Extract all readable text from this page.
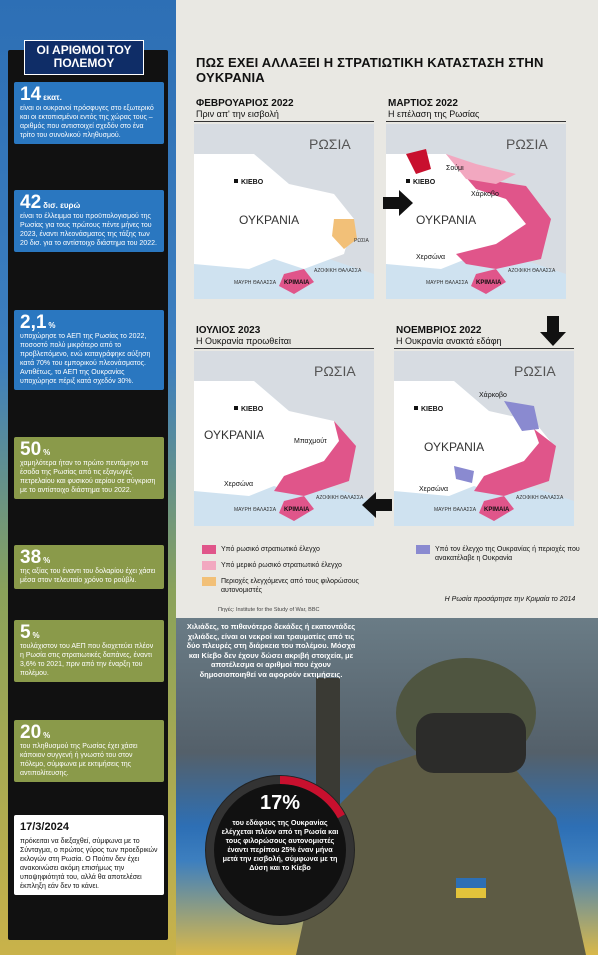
ΟΙ ΑΡΙΘΜΟΙ ΤΟΥ ΠΟΛΕΜΟΥ
14 εκατ.
είναι οι ουκρανοί πρόσφυγες στο εξωτερικό και οι εκτοπισμένοι εντός της χώρας τους – αριθμός που αντιστοιχεί σχεδόν στο ένα τρίτο του συνολικού πληθυσμού.
42 δισ. ευρώ
είναι το έλλειμμα του προϋπολογισμού της Ρωσίας για τους πρώτους πέντε μήνες του 2023, έναντι πλεονάσματος της τάξης των 20 δισ. για το αντίστοιχο διάστημα του 2022.
2,1 %
υποχώρησε το ΑΕΠ της Ρωσίας το 2022, ποσοστό πολύ μικρότερο από το προβλεπόμενο, ενώ καταγράφηκε αύξηση κατά 70% του εμπορικού πλεονάσματος. Αντιθέτως, το ΑΕΠ της Ουκρανίας υποχώρησε πέριξ κατά σχεδόν 30%.
50 %
χαμηλότερα ήταν το πρώτο πεντάμηνο τα έσοδα της Ρωσίας από τις εξαγωγές πετρελαίου και φυσικού αερίου σε σύγκριση με το αντίστοιχο διάστημα του 2022.
38 %
της αξίας του έναντι του δολαρίου έχει χάσει μέσα στον τελευταίο χρόνο το ρούβλι.
5 %
τουλάχιστον του ΑΕΠ που διοχετεύει πλέον η Ρωσία στις στρατιωτικές δαπάνες, έναντι 3,6% το 2021, πριν από την έναρξη του πολέμου.
20 %
του πληθυσμού της Ρωσίας έχει χάσει κάποιον συγγενή ή γνωστό του στον πόλεμο, σύμφωνα με εκτιμήσεις της αντιπολίτευσης.
17/3/2024
πρόκειται να διεξαχθεί, σύμφωνα με το Σύνταγμα, ο πρώτος γύρος των προεδρικών εκλογών στη Ρωσία. Ο Πούτιν δεν έχει ανακοινώσει ακόμη επισήμως την υποψηφιότητά του, αλλά θα αποτελέσει έκπληξη εάν δεν το κάνει.
ΠΩΣ ΕΧΕΙ ΑΛΛΑΞΕΙ Η ΣΤΡΑΤΙΩΤΙΚΗ ΚΑΤΑΣΤΑΣΗ ΣΤΗΝ ΟΥΚΡΑΝΙΑ
ΦΕΒΡΟΥΑΡΙΟΣ 2022
Πριν απ' την εισβολή
ΡΩΣΙΑ
ΚΙΕΒΟ
ΟΥΚΡΑΝΙΑ
ΡΩΣΙΑ
ΑΖΟΦΙΚΗ ΘΑΛΑΣΣΑ
ΜΑΥΡΗ ΘΑΛΑΣΣΑ ΚΡΙΜΑΙΑ
ΜΑΡΤΙΟΣ 2022
Η επέλαση της Ρωσίας
ΡΩΣΙΑ
Σούμι
ΚΙΕΒΟ
Χάρκοβο
ΟΥΚΡΑΝΙΑ
Χερσώνα
ΑΖΟΦΙΚΗ ΘΑΛΑΣΣΑ
ΜΑΥΡΗ ΘΑΛΑΣΣΑ ΚΡΙΜΑΙΑ
ΙΟΥΛΙΟΣ 2023
Η Ουκρανία προωθείται
ΡΩΣΙΑ
ΚΙΕΒΟ
ΟΥΚΡΑΝΙΑ	Μπαχμούτ
Χερσώνα
ΑΖΟΦΙΚΗ ΘΑΛΑΣΣΑ
ΜΑΥΡΗ ΘΑΛΑΣΣΑ ΚΡΙΜΑΙΑ
ΝΟΕΜΒΡΙΟΣ 2022
Η Ουκρανία ανακτά εδάφη
ΡΩΣΙΑ
ΚΙΕΒΟ
Χάρκοβο
ΟΥΚΡΑΝΙΑ
Χερσώνα
ΑΖΟΦΙΚΗ ΘΑΛΑΣΣΑ
ΜΑΥΡΗ ΘΑΛΑΣΣΑ ΚΡΙΜΑΙΑ
Υπό ρωσικό στρατιωτικό έλεγχο
Υπό μερικό ρωσικό στρατιωτικό έλεγχο
Περιοχές ελεγχόμενες από τους φιλορώσους αυτονομιστές
Υπό τον έλεγχο της Ουκρανίας ή περιοχές που ανακατέλαβε η Ουκρανία
Πηγές: Institute for the Study of War, BBC
Η Ρωσία προσάρτησε την Κριμαία το 2014
Χιλιάδες, το πιθανότερο δεκάδες ή εκατοντάδες χιλιάδες, είναι οι νεκροί και τραυματίες από τις δύο πλευρές στη διάρκεια του πολέμου. Μόσχα και Κίεβο δεν έχουν δώσει ακριβή στοιχεία, με αποτέλεσμα οι αριθμοί που έχουν δημοσιοποιηθεί να αφορούν εκτιμήσεις.
17%
του εδάφους της Ουκρανίας ελέγχεται πλέον από τη Ρωσία και τους φιλορώσους αυτονομιστές έναντι περίπου 25% έναν μήνα μετά την εισβολή, σύμφωνα με τη Δύση και το Κίεβο
